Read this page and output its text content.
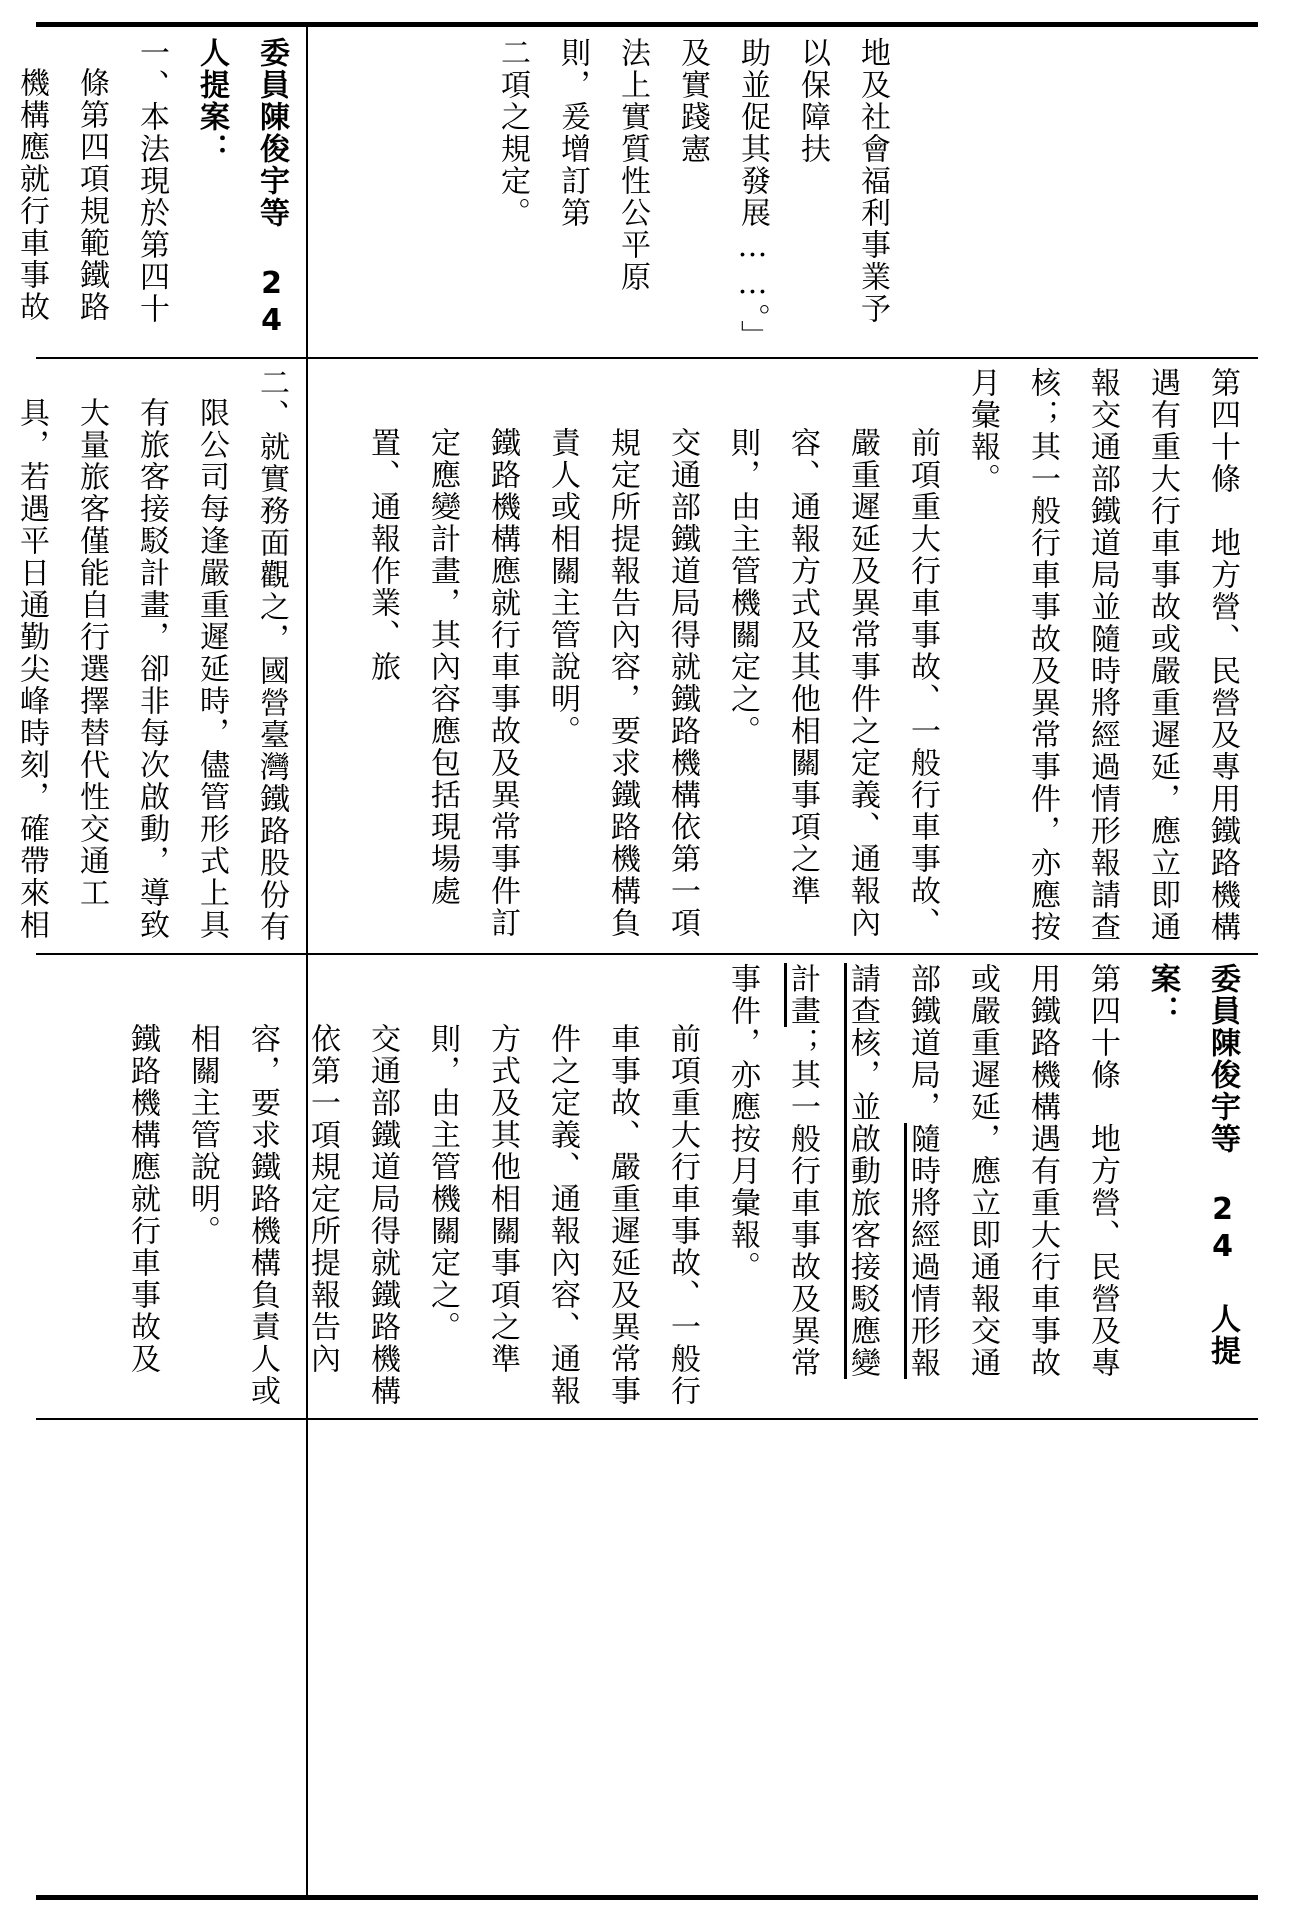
地及社會福利事業予以保障扶

助並促其發展……。」及實踐憲

法上實質性公平原則，爰增訂第

二項之規定。

委員陳俊宇等 24 人提案：

一、本法現於第四十條第四項規範鐵路機構應就行車事故

第四十條　地方營、民營及專用鐵路機構遇有重大行車事故或嚴重遲延，應立即通報交通部鐵道局並隨時將經過情形報請查核；其一般行車事故及異常事件，亦應按月彙報。

前項重大行車事故、一般行車事故、嚴重遲延及異常事件之定義、通報內容、通報方式及其他相關事項之準則，由主管機關定之。

交通部鐵道局得就鐵路機構依第一項規定所提報告內容，要求鐵路機構負責人或相關主管說明。

鐵路機構應就行車事故及異常事件訂定應變計畫，其內容應包括現場處置、通報作業、旅

二、就實務面觀之，國營臺灣鐵路股份有限公司每逢嚴重遲延時，儘管形式上具有旅客接駁計畫，卻非每次啟動，導致大量旅客僅能自行選擇替代性交通工具，若遇平日通勤尖峰時刻，確帶來相

委員陳俊宇等 24 人提案：

第四十條　地方營、民營及專用鐵路機構遇有重大行車事故或嚴重遲延，應立即通報交通部鐵道局，隨時將經過情形報請查核，並啟動旅客接駁應變計畫；其一般行車事故及異常事件，亦應按月彙報。

前項重大行車事故、一般行車事故、嚴重遲延及異常事件之定義、通報內容、通報方式及其他相關事項之準則，由主管機關定之。

交通部鐵道局得就鐵路機構依第一項規定所提報告內容，要求鐵路機構負責人或相關主管說明。

鐵路機構應就行車事故及
